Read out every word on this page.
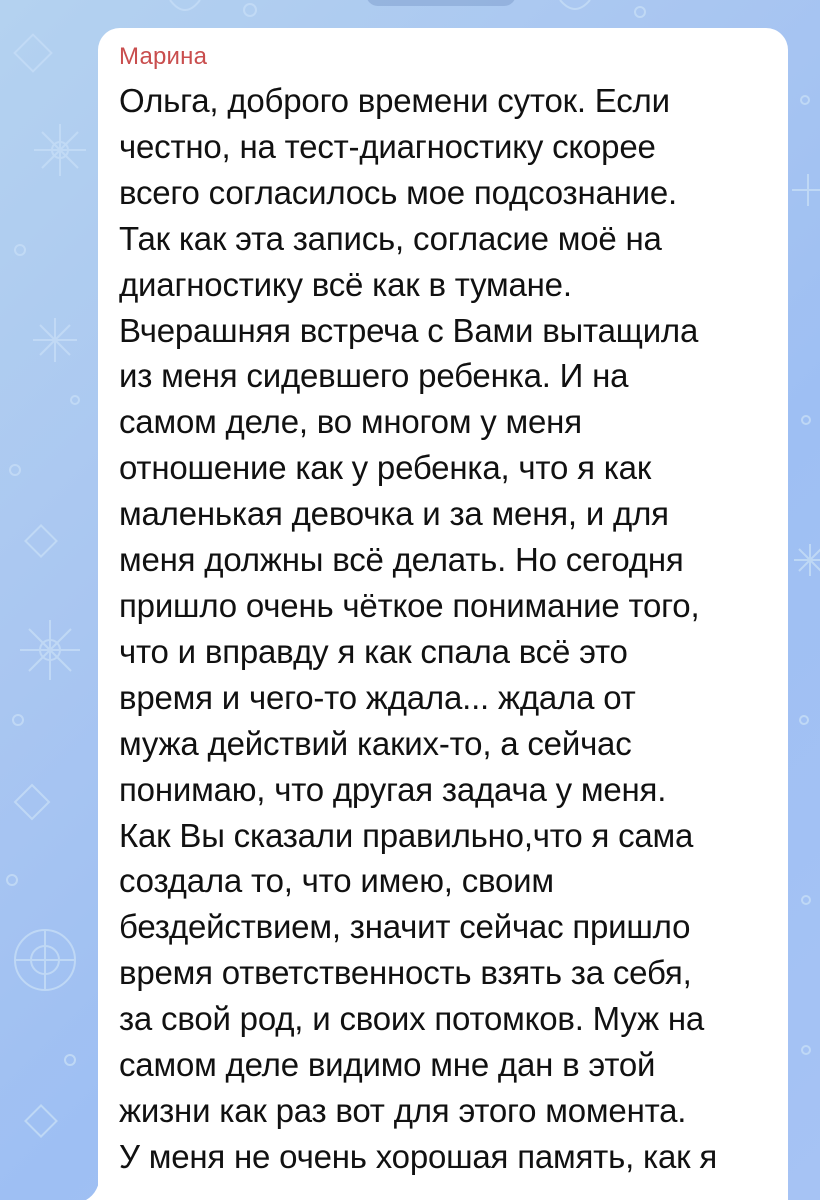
Марина
Ольга, доброго времени суток. Если
честно, на тест-диагностику скорее
всего согласилось мое подсознание.
Так как эта запись, согласие моё на
диагностику всё как в тумане.
Вчерашняя встреча с Вами вытащила
из меня сидевшего ребенка. И на
самом деле, во многом у меня
отношение как у ребенка, что я как
маленькая девочка и за меня, и для
меня должны всё делать. Но сегодня
пришло очень чёткое понимание того,
что и вправду я как спала всё это
время и чего-то ждала... ждала от
мужа действий каких-то, а сейчас
понимаю, что другая задача у меня.
Как Вы сказали правильно,что я сама
создала то, что имею, своим
бездействием, значит сейчас пришло
время ответственность взять за себя,
за свой род, и своих потомков. Муж на
самом деле видимо мне дан в этой
жизни как раз вот для этого момента.
У меня не очень хорошая память, как я
